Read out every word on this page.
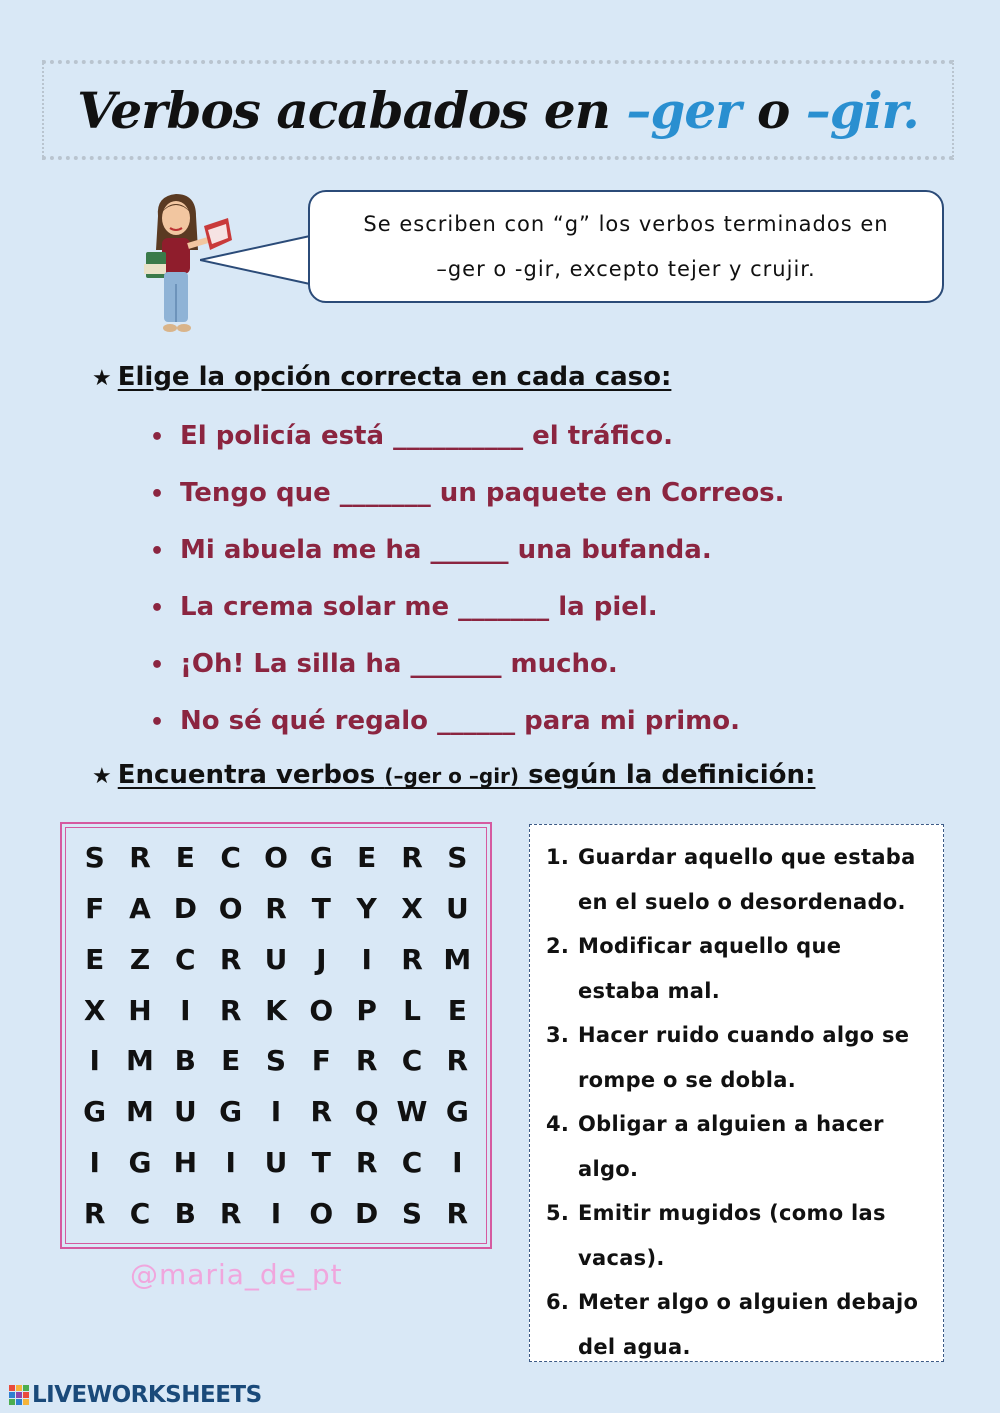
Verbos acabados en –ger o –gir.
Se escriben con “g” los verbos terminados en
–ger o -gir, excepto tejer y crujir.
★ Elige la opción correcta en cada caso:
• El policía está __________ el tráfico.
• Tengo que _______ un paquete en Correos.
• Mi abuela me ha ______ una bufanda.
• La crema solar me _______ la piel.
• ¡Oh! La silla ha _______ mucho.
• No sé qué regalo ______ para mi primo.
★ Encuentra verbos (–ger o –gir) según la definición:
S R E C O G E R S
F A D O R T Y X U
E Z C R U	J	I	R M
X H	I	R K O P L E
I M B E S F R C R
G M U G	I	R Q W G
I	G H	I	U T R C	I
R C B R	I	O D S R
@maria_de_pt
1. Guardar aquello que estaba
en el suelo o desordenado.
2. Modificar aquello que
estaba mal.
3. Hacer ruido cuando algo se
rompe o se dobla.
4. Obligar a alguien a hacer
algo.
5. Emitir mugidos (como las
vacas).
6. Meter algo o alguien debajo
del agua.
LIVEWORKSHEETS
